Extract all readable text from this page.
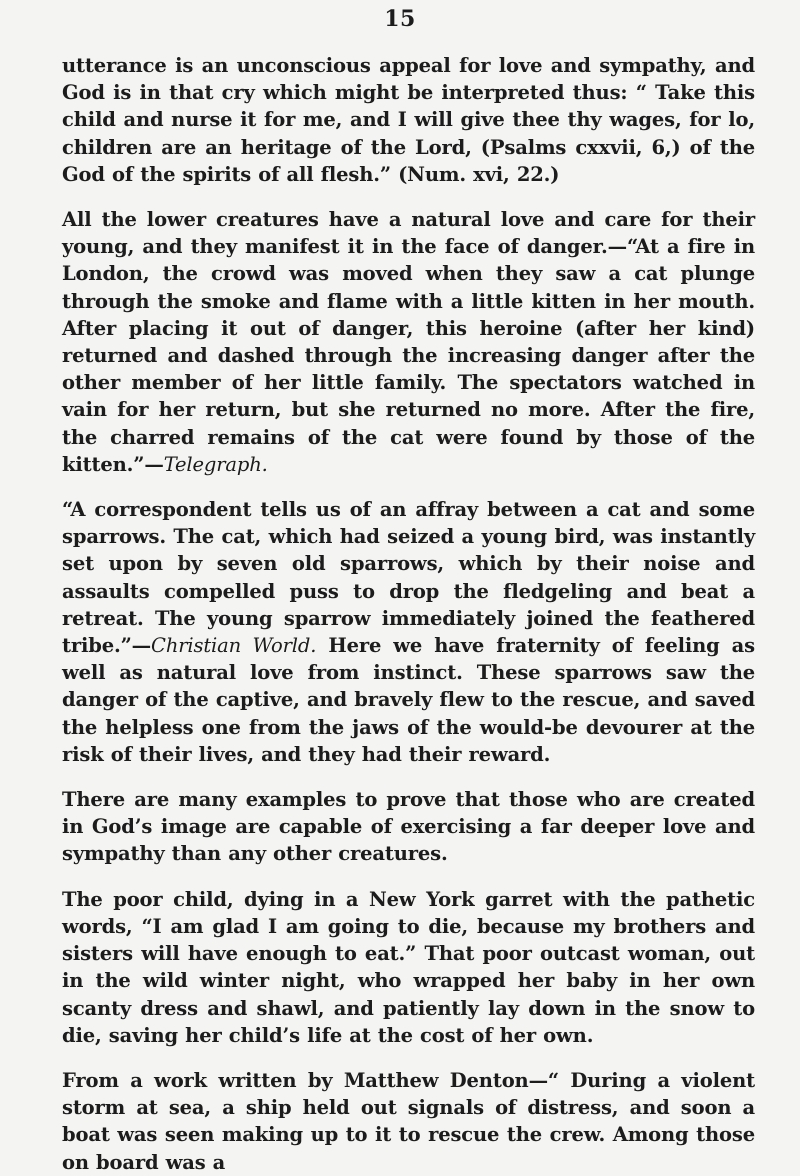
15

utterance is an unconscious appeal for love and sympathy, and God is in that cry which might be interpreted thus: “ Take this child and nurse it for me, and I will give thee thy wages, for lo, children are an heritage of the Lord, (Psalms cxxvii, 6,) of the God of the spirits of all flesh.” (Num. xvi, 22.)

All the lower creatures have a natural love and care for their young, and they manifest it in the face of danger.—“At a fire in London, the crowd was moved when they saw a cat plunge through the smoke and flame with a little kitten in her mouth. After placing it out of danger, this heroine (after her kind) returned and dashed through the increasing danger after the other member of her little family. The spectators watched in vain for her return, but she returned no more. After the fire, the charred remains of the cat were found by those of the kitten.”—Telegraph.

“A correspondent tells us of an affray between a cat and some sparrows. The cat, which had seized a young bird, was instantly set upon by seven old sparrows, which by their noise and assaults compelled puss to drop the fledgeling and beat a retreat. The young sparrow immediately joined the feathered tribe.”—Christian World. Here we have fraternity of feeling as well as natural love from instinct. These sparrows saw the danger of the captive, and bravely flew to the rescue, and saved the helpless one from the jaws of the would-be devourer at the risk of their lives, and they had their reward.

There are many examples to prove that those who are created in God’s image are capable of exercising a far deeper love and sympathy than any other creatures.

The poor child, dying in a New York garret with the pathetic words, “I am glad I am going to die, because my brothers and sisters will have enough to eat.” That poor outcast woman, out in the wild winter night, who wrapped her baby in her own scanty dress and shawl, and patiently lay down in the snow to die, saving her child’s life at the cost of her own.

From a work written by Matthew Denton—“ During a violent storm at sea, a ship held out signals of distress, and soon a boat was seen making up to it to rescue the crew. Among those on board was a
